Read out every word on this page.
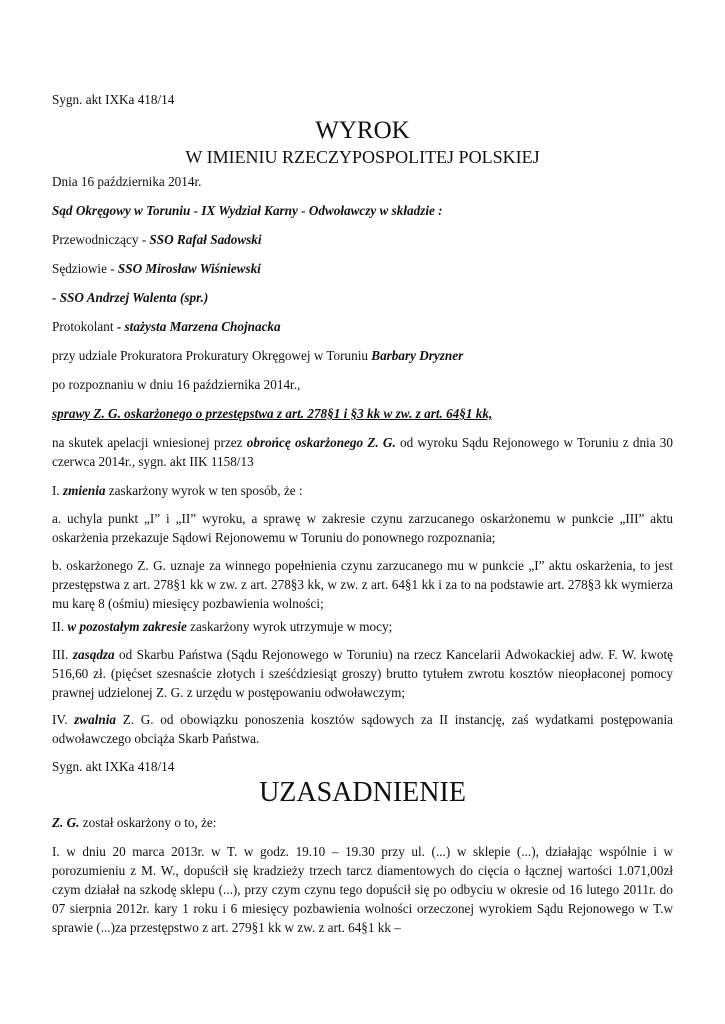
Sygn. akt IXKa 418/14

WYROK
W IMIENIU RZECZYPOSPOLITEJ POLSKIEJ

Dnia 16 października 2014r.

Sąd Okręgowy w Toruniu - IX Wydział Karny - Odwoławczy w składzie :

Przewodniczący - SSO Rafał Sadowski

Sędziowie - SSO Mirosław Wiśniewski

- SSO Andrzej Walenta (spr.)

Protokolant - stażysta Marzena Chojnacka

przy udziale Prokuratora Prokuratury Okręgowej w Toruniu Barbary Dryzner

po rozpoznaniu w dniu 16 października 2014r.,

sprawy Z. G. oskarżonego o przestępstwa z art. 278§1 i §3 kk w zw. z art. 64§1 kk,

na skutek apelacji wniesionej przez obrońcę oskarżonego Z. G. od wyroku Sądu Rejonowego w Toruniu z dnia 30 czerwca 2014r., sygn. akt IIK 1158/13

I. zmienia zaskarżony wyrok w ten sposób, że :

a. uchyla punkt „I” i „II” wyroku, a sprawę w zakresie czynu zarzucanego oskarżonemu w punkcie „III” aktu oskarżenia przekazuje Sądowi Rejonowemu w Toruniu do ponownego rozpoznania;

b. oskarżonego Z. G. uznaje za winnego popełnienia czynu zarzucanego mu w punkcie „I” aktu oskarżenia, to jest przestępstwa z art. 278§1 kk w zw. z art. 278§3 kk, w zw. z art. 64§1 kk i za to na podstawie art. 278§3 kk wymierza mu karę 8 (ośmiu) miesięcy pozbawienia wolności;

II. w pozostałym zakresie zaskarżony wyrok utrzymuje w mocy;

III. zasądza od Skarbu Państwa (Sądu Rejonowego w Toruniu) na rzecz Kancelarii Adwokackiej adw. F. W. kwotę 516,60 zł. (pięćset szesnaście złotych i sześćdziesiąt groszy) brutto tytułem zwrotu kosztów nieopłaconej pomocy prawnej udzielonej Z. G. z urzędu w postępowaniu odwoławczym;

IV. zwalnia Z. G. od obowiązku ponoszenia kosztów sądowych za II instancję, zaś wydatkami postępowania odwoławczego obciąża Skarb Państwa.

Sygn. akt IXKa 418/14

UZASADNIENIE

Z. G. został oskarżony o to, że:

I. w dniu 20 marca 2013r. w T. w godz. 19.10 – 19.30 przy ul. (...) w sklepie (...), działając wspólnie i w porozumieniu z M. W., dopuścił się kradzieży trzech tarcz diamentowych do cięcia o łącznej wartości 1.071,00zł czym działał na szkodę sklepu (...), przy czym czynu tego dopuścił się po odbyciu w okresie od 16 lutego 2011r. do 07 sierpnia 2012r. kary 1 roku i 6 miesięcy pozbawienia wolności orzeczonej wyrokiem Sądu Rejonowego w T.w sprawie (...)za przestępstwo z art. 279§1 kk w zw. z art. 64§1 kk –
